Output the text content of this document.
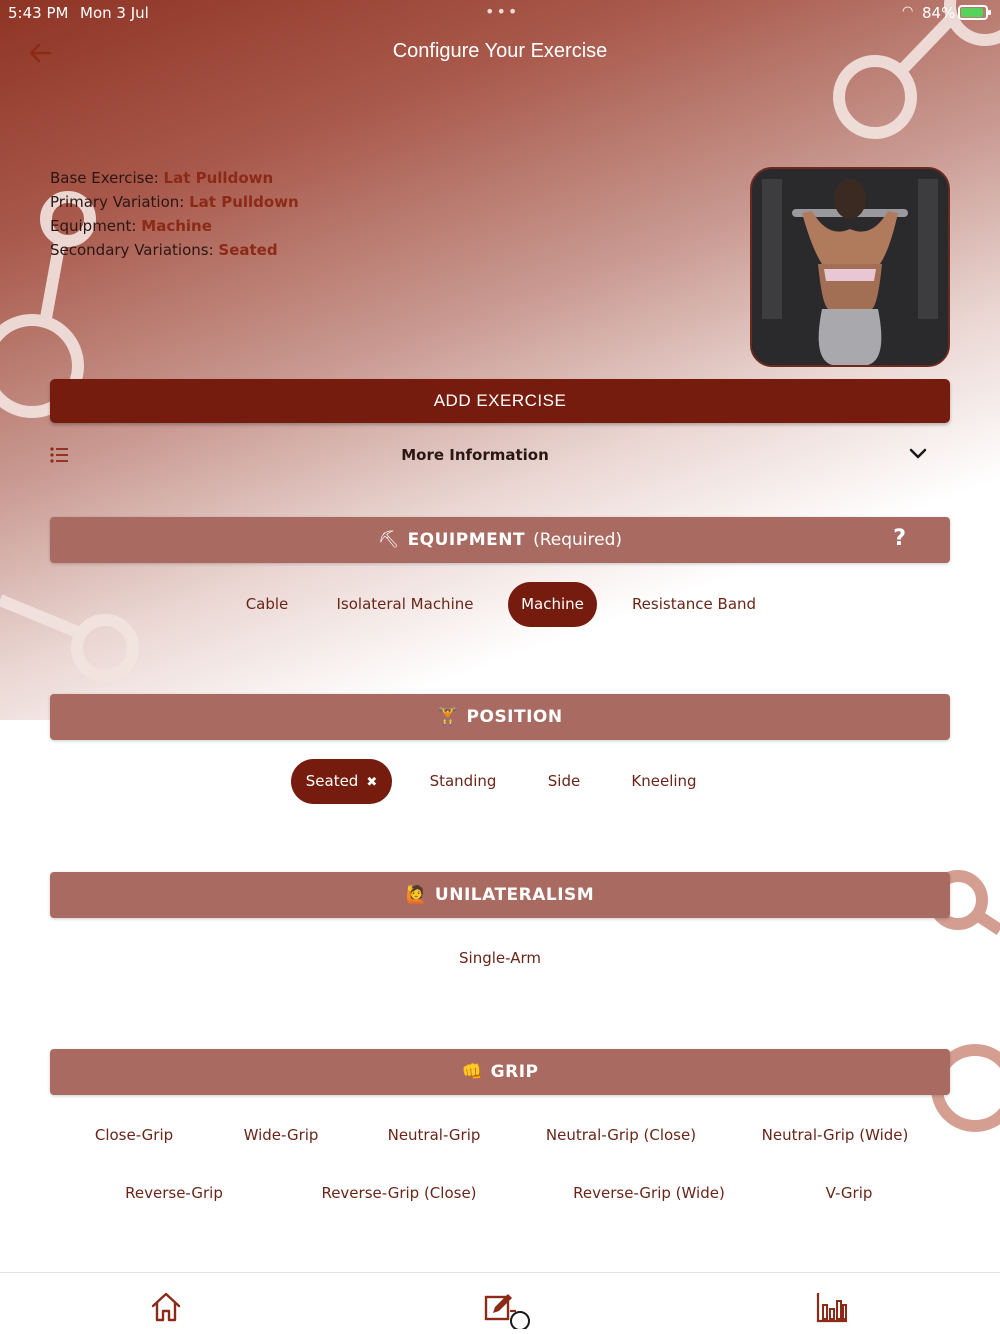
5:43 PM Mon 3 Jul	•••	◠ 84%
Configure Your Exercise
Base Exercise: Lat Pulldown
Primary Variation: Lat Pulldown
Equipment: Machine
Secondary Variations: Seated
ADD EXERCISE
More Information
⛏ EQUIPMENT (Required)	?
Cable	Isolateral Machine	Machine	Resistance Band
🏋 POSITION
Seated ✖	Standing	Side	Kneeling
🙋 UNILATERALISM
Single-Arm
👊 GRIP
Close-Grip	Wide-Grip	Neutral-Grip	Neutral-Grip (Close)	Neutral-Grip (Wide)
Reverse-Grip	Reverse-Grip (Close)	Reverse-Grip (Wide)	V-Grip
